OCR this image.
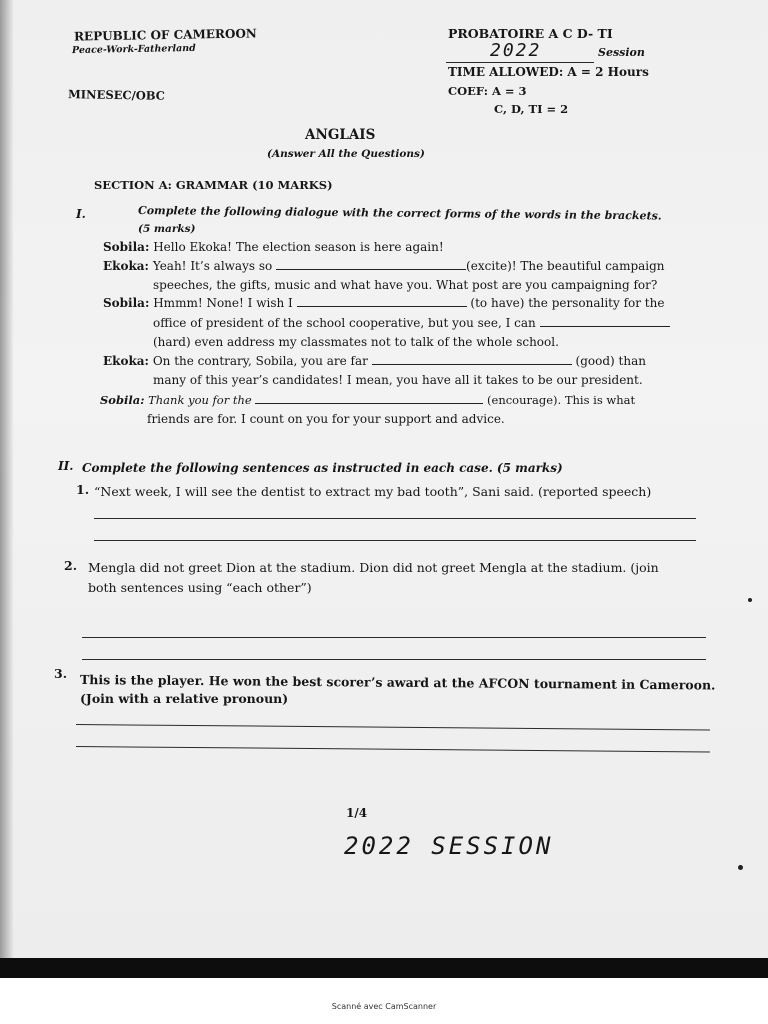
REPUBLIC OF CAMEROON
Peace-Work-Fatherland
MINESEC/OBC
PROBATOIRE A C D- TI
2022	Session
TIME ALLOWED: A = 2 Hours
COEF: A = 3
C, D, TI = 2
ANGLAIS
(Answer All the Questions)
SECTION A: GRAMMAR (10 MARKS)
I.	Complete the following dialogue with the correct forms of the words in the brackets.
(5 marks)
Sobila: Hello Ekoka! The election season is here again!
Ekoka: Yeah! It’s always so	(excite)! The beautiful campaign
speeches, the gifts, music and what have you. What post are you campaigning for?
Sobila: Hmmm! None! I wish I	(to have) the personality for the
office of president of the school cooperative, but you see, I can
(hard) even address my classmates not to talk of the whole school.
Ekoka: On the contrary, Sobila, you are far	(good) than
many of this year’s candidates! I mean, you have all it takes to be our president.
Sobila: Thank you for the	(encourage). This is what
friends are for. I count on you for your support and advice.
II. Complete the following sentences as instructed in each case. (5 marks)
1. “Next week, I will see the dentist to extract my bad tooth”, Sani said. (reported speech)
2. Mengla did not greet Dion at the stadium. Dion did not greet Mengla at the stadium. (join
both sentences using “each other”)
3. This is the player. He won the best scorer’s award at the AFCON tournament in Cameroon.
(Join with a relative pronoun)
1/4
2022 SESSION
Scanné avec CamScanner
